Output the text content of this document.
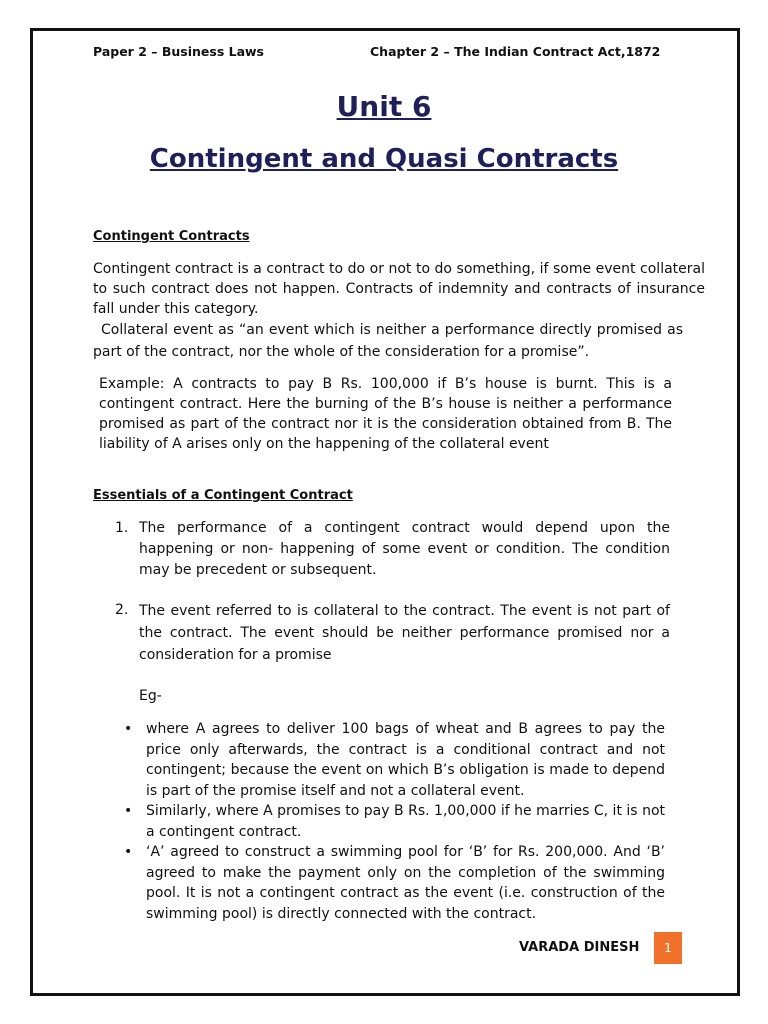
Paper 2 – Business Laws	Chapter 2 – The Indian Contract Act,1872
Unit 6
Contingent and Quasi Contracts
Contingent Contracts
Contingent contract is a contract to do or not to do something, if some event collateral to such contract does not happen. Contracts of indemnity and contracts of insurance fall under this category.
Collateral event as “an event which is neither a performance directly promised as part of the contract, nor the whole of the consideration for a promise”.
Example: A contracts to pay B Rs. 100,000 if B’s house is burnt. This is a contingent contract. Here the burning of the B’s house is neither a performance promised as part of the contract nor it is the consideration obtained from B. The liability of A arises only on the happening of the collateral event
Essentials of a Contingent Contract
1. The performance of a contingent contract would depend upon the happening or non- happening of some event or condition. The condition may be precedent or subsequent.
2. The event referred to is collateral to the contract. The event is not part of the contract. The event should be neither performance promised nor a consideration for a promise
Eg-
• where A agrees to deliver 100 bags of wheat and B agrees to pay the price only afterwards, the contract is a conditional contract and not contingent; because the event on which B’s obligation is made to depend is part of the promise itself and not a collateral event.
• Similarly, where A promises to pay B Rs. 1,00,000 if he marries C, it is not a contingent contract.
• ‘A’ agreed to construct a swimming pool for ‘B’ for Rs. 200,000. And ‘B’ agreed to make the payment only on the completion of the swimming pool. It is not a contingent contract as the event (i.e. construction of the swimming pool) is directly connected with the contract.
VARADA DINESH	1
